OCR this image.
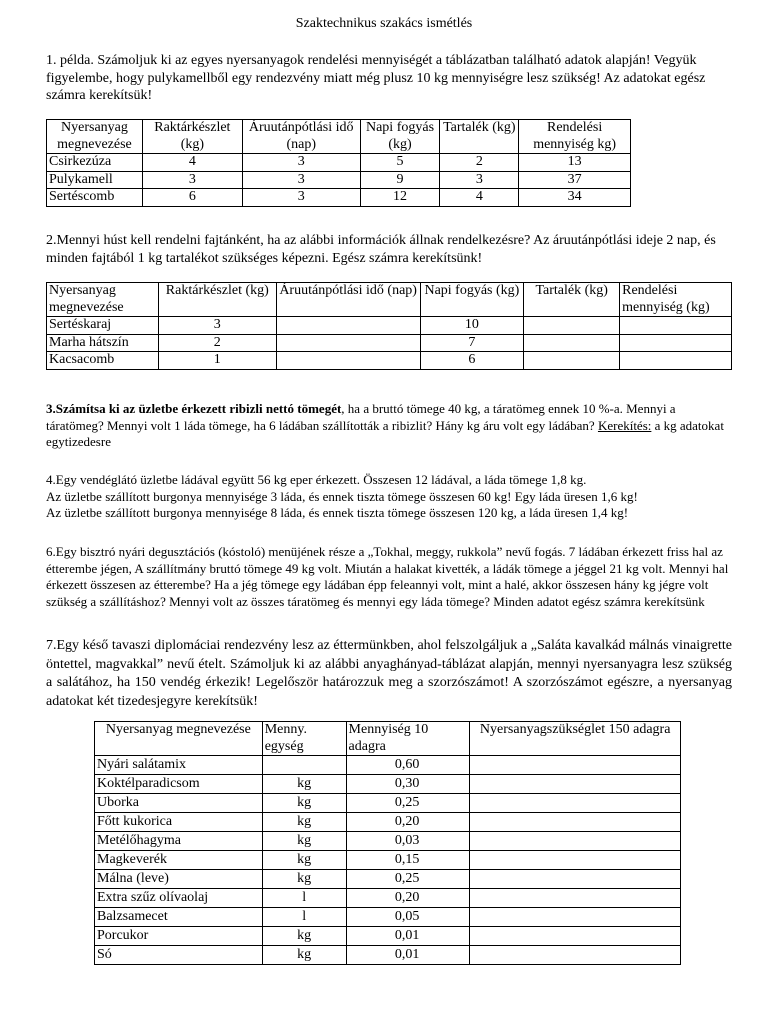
Szaktechnikus szakács ismétlés

1. példa. Számoljuk ki az egyes nyersanyagok rendelési mennyiségét a táblázatban található adatok alapján! Vegyük figyelembe, hogy pulykamellből egy rendezvény miatt még plusz 10 kg mennyiségre lesz szükség! Az adatokat egész számra kerekítsük!

Nyersanyag megnevezése	Raktárkészlet (kg)	Áruutánpótlási idő (nap)	Napi fogyás (kg)	Tartalék (kg)	Rendelési mennyiség kg)
Csirkezúza	4	3	5	2	13
Pulykamell	3	3	9	3	37
Sertéscomb	6	3	12	4	34

2.Mennyi húst kell rendelni fajtánként, ha az alábbi információk állnak rendelkezésre? Az áruutánpótlási ideje 2 nap, és minden fajtából 1 kg tartalékot szükséges képezni. Egész számra kerekítsünk!

Nyersanyag megnevezése	Raktárkészlet (kg)	Áruutánpótlási idő (nap)	Napi fogyás (kg)	Tartalék (kg)	Rendelési mennyiség (kg)
Sertéskaraj	3		10		
Marha hátszín	2		7		
Kacsacomb	1		6		

3.Számítsa ki az üzletbe érkezett ribizli nettó tömegét, ha a bruttó tömege 40 kg, a táratömeg ennek 10 %-a. Mennyi a táratömeg? Mennyi volt 1 láda tömege, ha 6 ládában szállították a ribizlit? Hány kg áru volt egy ládában? Kerekítés: a kg adatokat egytizedesre

4.Egy vendéglátó üzletbe ládával együtt 56 kg eper érkezett. Összesen 12 ládával, a láda tömege 1,8 kg.
Az üzletbe szállított burgonya mennyisége 3 láda, és ennek tiszta tömege összesen 60 kg! Egy láda üresen 1,6 kg!
Az üzletbe szállított burgonya mennyisége 8 láda, és ennek tiszta tömege összesen 120 kg, a láda üresen 1,4 kg!

6.Egy bisztró nyári degusztációs (kóstoló) menüjének része a „Tokhal, meggy, rukkola” nevű fogás. 7 ládában érkezett friss hal az étterembe jégen, A szállítmány bruttó tömege 49 kg volt. Miután a halakat kivették, a ládák tömege a jéggel 21 kg volt. Mennyi hal érkezett összesen az étterembe? Ha a jég tömege egy ládában épp feleannyi volt, mint a halé, akkor összesen hány kg jégre volt szükség a szállításhoz? Mennyi volt az összes táratömeg és mennyi egy láda tömege? Minden adatot egész számra kerekítsünk

7.Egy késő tavaszi diplomáciai rendezvény lesz az éttermünkben, ahol felszolgáljuk a „Saláta kavalkád málnás vinaigrette öntettel, magvakkal” nevű ételt. Számoljuk ki az alábbi anyaghányad-táblázat alapján, mennyi nyersanyagra lesz szükség a salátához, ha 150 vendég érkezik! Legelőször határozzuk meg a szorzószámot! A szorzószámot egészre, a nyersanyag adatokat két tizedesjegyre kerekítsük!

Nyersanyag megnevezése	Menny. egység	Mennyiség 10 adagra	Nyersanyagszükséglet 150 adagra
Nyári salátamix		0,60	
Koktélparadicsom	kg	0,30	
Uborka	kg	0,25	
Főtt kukorica	kg	0,20	
Metélőhagyma	kg	0,03	
Magkeverék	kg	0,15	
Málna (leve)	kg	0,25	
Extra szűz olívaolaj	l	0,20	
Balzsamecet	l	0,05	
Porcukor	kg	0,01	
Só	kg	0,01	
